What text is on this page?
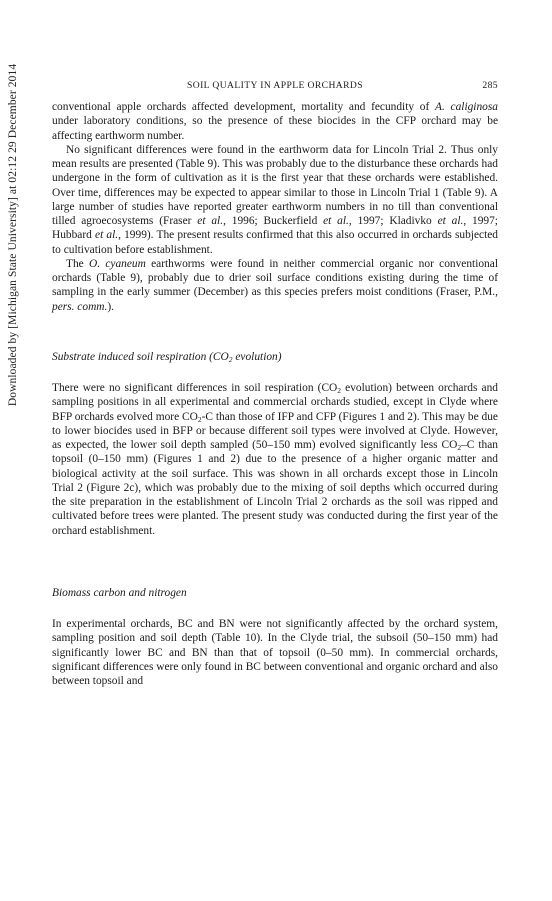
Downloaded by [Michigan State University] at 02:12 29 December 2014	SOIL QUALITY IN APPLE ORCHARDS	285

conventional apple orchards affected development, mortality and fecundity of A. caliginosa under laboratory conditions, so the presence of these biocides in the CFP orchard may be affecting earthworm number.

No significant differences were found in the earthworm data for Lincoln Trial 2. Thus only mean results are presented (Table 9). This was probably due to the disturbance these orchards had undergone in the form of cultivation as it is the first year that these orchards were established. Over time, differences may be expected to appear similar to those in Lincoln Trial 1 (Table 9). A large number of studies have reported greater earthworm numbers in no till than conventional tilled agroecosystems (Fraser et al., 1996; Buckerfield et al., 1997; Kladivko et al., 1997; Hubbard et al., 1999). The present results confirmed that this also occurred in orchards subjected to cultivation before establishment.

The O. cyaneum earthworms were found in neither commercial organic nor conventional orchards (Table 9), probably due to drier soil surface conditions existing during the time of sampling in the early summer (December) as this species prefers moist conditions (Fraser, P.M., pers. comm.).

Substrate induced soil respiration ($CO_2$ evolution)

There were no significant differences in soil respiration ($CO_2$ evolution) between orchards and sampling positions in all experimental and commercial orchards studied, except in Clyde where BFP orchards evolved more $CO_2-C$ than those of IFP and CFP (Figures 1 and 2). This may be due to lower biocides used in BFP or because different soil types were involved at Clyde. However, as expected, the lower soil depth sampled (50–150 mm) evolved significantly less $CO_2-C$ than topsoil (0–150 mm) (Figures 1 and 2) due to the presence of a higher organic matter and biological activity at the soil surface. This was shown in all orchards except those in Lincoln Trial 2 (Figure 2c), which was probably due to the mixing of soil depths which occurred during the site preparation in the establishment of Lincoln Trial 2 orchards as the soil was ripped and cultivated before trees were planted. The present study was conducted during the first year of the orchard establishment.

Biomass carbon and nitrogen

In experimental orchards, BC and BN were not significantly affected by the orchard system, sampling position and soil depth (Table 10). In the Clyde trial, the subsoil (50–150 mm) had significantly lower BC and BN than that of topsoil (0–50 mm). In commercial orchards, significant differences were only found in BC between conventional and organic orchard and also between topsoil and
